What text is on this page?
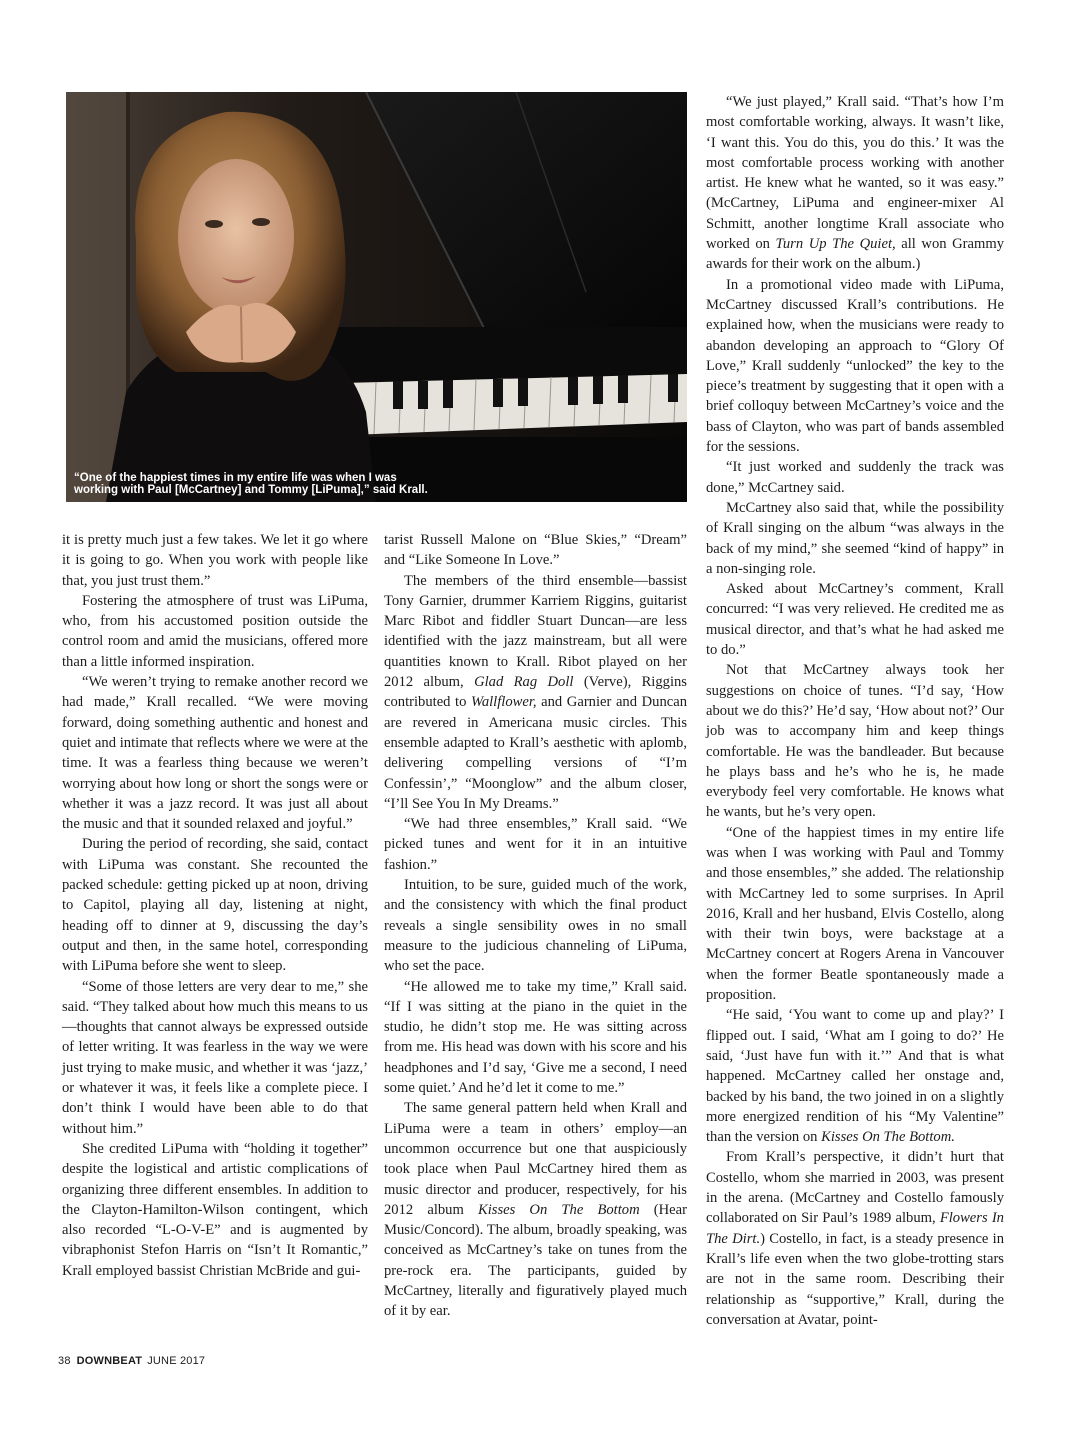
“One of the happiest times in my entire life was when I was
working with Paul [McCartney] and Tommy [LiPuma],” said Krall.

it is pretty much just a few takes. We let it go where it is going to go. When you work with people like that, you just trust them.”

Fostering the atmosphere of trust was LiPuma, who, from his accustomed position outside the control room and amid the musicians, offered more than a little informed inspiration.

“We weren’t trying to remake another record we had made,” Krall recalled. “We were moving forward, doing something authentic and honest and quiet and intimate that reflects where we were at the time. It was a fearless thing because we weren’t worrying about how long or short the songs were or whether it was a jazz record. It was just all about the music and that it sounded relaxed and joyful.”

During the period of recording, she said, contact with LiPuma was constant. She recounted the packed schedule: getting picked up at noon, driving to Capitol, playing all day, listening at night, heading off to dinner at 9, discussing the day’s output and then, in the same hotel, corresponding with LiPuma before she went to sleep.

“Some of those letters are very dear to me,” she said. “They talked about how much this means to us—thoughts that cannot always be expressed outside of letter writing. It was fearless in the way we were just trying to make music, and whether it was ‘jazz,’ or whatever it was, it feels like a complete piece. I don’t think I would have been able to do that without him.”

She credited LiPuma with “holding it together” despite the logistical and artistic complications of organizing three different ensembles. In addition to the Clayton-Hamilton-Wilson contingent, which also recorded “L-O-V-E” and is augmented by vibraphonist Stefon Harris on “Isn’t It Romantic,” Krall employed bassist Christian McBride and gui-

tarist Russell Malone on “Blue Skies,” “Dream” and “Like Someone In Love.”

The members of the third ensemble—bassist Tony Garnier, drummer Karriem Riggins, guitarist Marc Ribot and fiddler Stuart Duncan—are less identified with the jazz mainstream, but all were quantities known to Krall. Ribot played on her 2012 album, Glad Rag Doll (Verve), Riggins contributed to Wallflower, and Garnier and Duncan are revered in Americana music circles. This ensemble adapted to Krall’s aesthetic with aplomb, delivering compelling versions of “I’m Confessin’,” “Moonglow” and the album closer, “I’ll See You In My Dreams.”

“We had three ensembles,” Krall said. “We picked tunes and went for it in an intuitive fashion.”

Intuition, to be sure, guided much of the work, and the consistency with which the final product reveals a single sensibility owes in no small measure to the judicious channeling of LiPuma, who set the pace.

“He allowed me to take my time,” Krall said. “If I was sitting at the piano in the quiet in the studio, he didn’t stop me. He was sitting across from me. His head was down with his score and his headphones and I’d say, ‘Give me a second, I need some quiet.’ And he’d let it come to me.”

The same general pattern held when Krall and LiPuma were a team in others’ employ—an uncommon occurrence but one that auspiciously took place when Paul McCartney hired them as music director and producer, respectively, for his 2012 album Kisses On The Bottom (Hear Music/Concord). The album, broadly speaking, was conceived as McCartney’s take on tunes from the pre-rock era. The participants, guided by McCartney, literally and figuratively played much of it by ear.

“We just played,” Krall said. “That’s how I’m most comfortable working, always. It wasn’t like, ‘I want this. You do this, you do this.’ It was the most comfortable process working with another artist. He knew what he wanted, so it was easy.” (McCartney, LiPuma and engineer-mixer Al Schmitt, another longtime Krall associate who worked on Turn Up The Quiet, all won Grammy awards for their work on the album.)

In a promotional video made with LiPuma, McCartney discussed Krall’s contributions. He explained how, when the musicians were ready to abandon developing an approach to “Glory Of Love,” Krall suddenly “unlocked” the key to the piece’s treatment by suggesting that it open with a brief colloquy between McCartney’s voice and the bass of Clayton, who was part of bands assembled for the sessions.

“It just worked and suddenly the track was done,” McCartney said.

McCartney also said that, while the possibility of Krall singing on the album “was always in the back of my mind,” she seemed “kind of happy” in a non-singing role.

Asked about McCartney’s comment, Krall concurred: “I was very relieved. He credited me as musical director, and that’s what he had asked me to do.”

Not that McCartney always took her suggestions on choice of tunes. “I’d say, ‘How about we do this?’ He’d say, ‘How about not?’ Our job was to accompany him and keep things comfortable. He was the bandleader. But because he plays bass and he’s who he is, he made everybody feel very comfortable. He knows what he wants, but he’s very open.

“One of the happiest times in my entire life was when I was working with Paul and Tommy and those ensembles,” she added. The relationship with McCartney led to some surprises. In April 2016, Krall and her husband, Elvis Costello, along with their twin boys, were backstage at a McCartney concert at Rogers Arena in Vancouver when the former Beatle spontaneously made a proposition.

“He said, ‘You want to come up and play?’ I flipped out. I said, ‘What am I going to do?’ He said, ‘Just have fun with it.’” And that is what happened. McCartney called her onstage and, backed by his band, the two joined in on a slightly more energized rendition of his “My Valentine” than the version on Kisses On The Bottom.

From Krall’s perspective, it didn’t hurt that Costello, whom she married in 2003, was present in the arena. (McCartney and Costello famously collaborated on Sir Paul’s 1989 album, Flowers In The Dirt.) Costello, in fact, is a steady presence in Krall’s life even when the two globe-trotting stars are not in the same room. Describing their relationship as “supportive,” Krall, during the conversation at Avatar, point-

38 DOWNBEAT JUNE 2017
